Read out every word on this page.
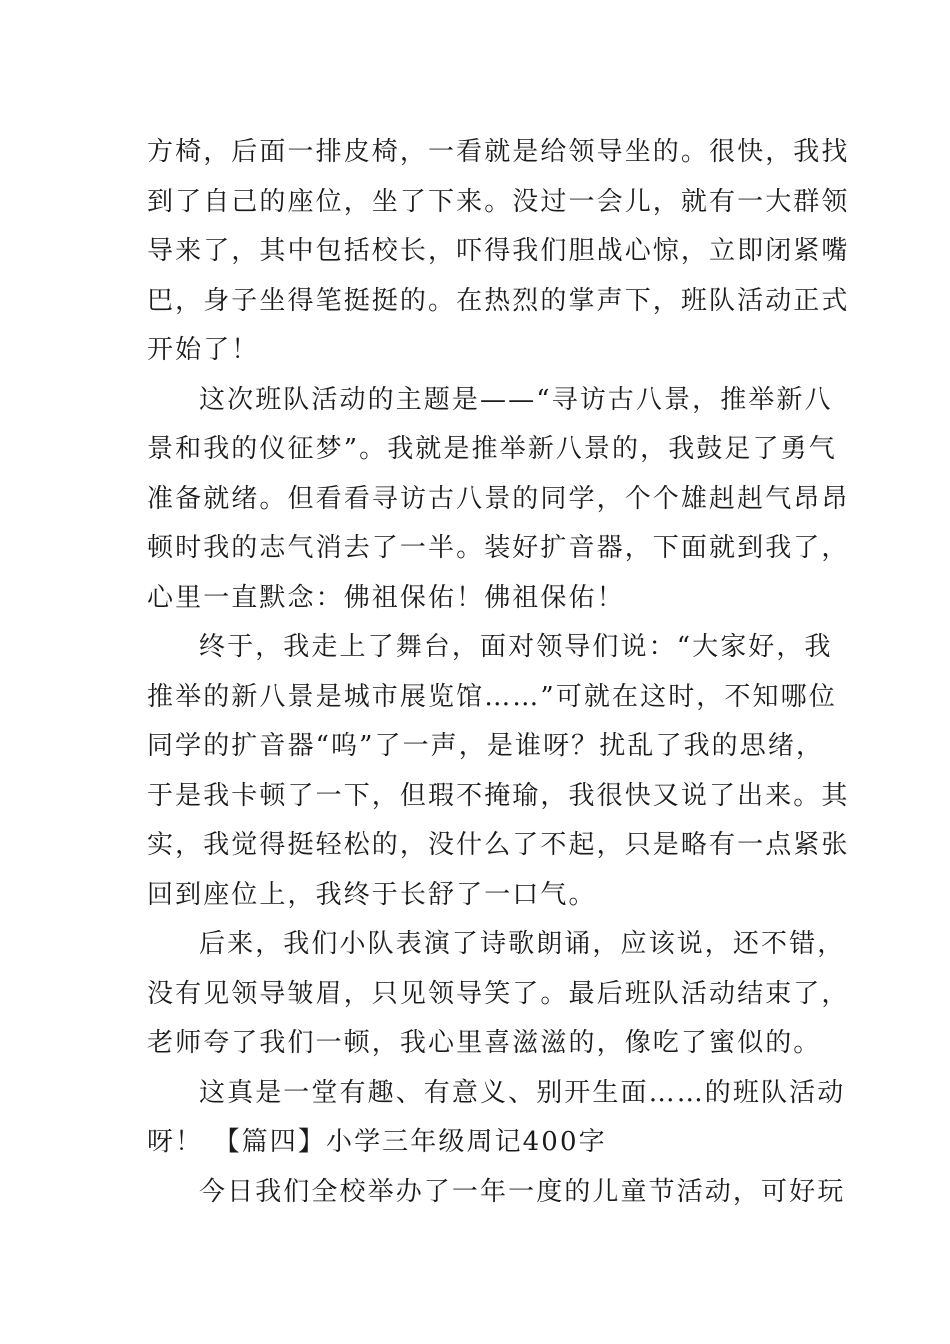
方椅，后面一排皮椅，一看就是给领导坐的。很快，我找
到了自己的座位，坐了下来。没过一会儿，就有一大群领
导来了，其中包括校长，吓得我们胆战心惊，立即闭紧嘴
巴，身子坐得笔挺挺的。在热烈的掌声下，班队活动正式
开始了！
这次班队活动的主题是——“寻访古八景，推举新八
景和我的仪征梦”。我就是推举新八景的，我鼓足了勇气
准备就绪。但看看寻访古八景的同学，个个雄赳赳气昂昂
顿时我的志气消去了一半。装好扩音器，下面就到我了，
心里一直默念：佛祖保佑！佛祖保佑！
终于，我走上了舞台，面对领导们说：“大家好，我
推举的新八景是城市展览馆……”可就在这时，不知哪位
同学的扩音器“呜”了一声，是谁呀？扰乱了我的思绪，
于是我卡顿了一下，但瑕不掩瑜，我很快又说了出来。其
实，我觉得挺轻松的，没什么了不起，只是略有一点紧张
回到座位上，我终于长舒了一口气。
后来，我们小队表演了诗歌朗诵，应该说，还不错，
没有见领导皱眉，只见领导笑了。最后班队活动结束了，
老师夸了我们一顿，我心里喜滋滋的，像吃了蜜似的。
这真是一堂有趣、有意义、别开生面……的班队活动
呀！ 【篇四】小学三年级周记400字
今日我们全校举办了一年一度的儿童节活动，可好玩
